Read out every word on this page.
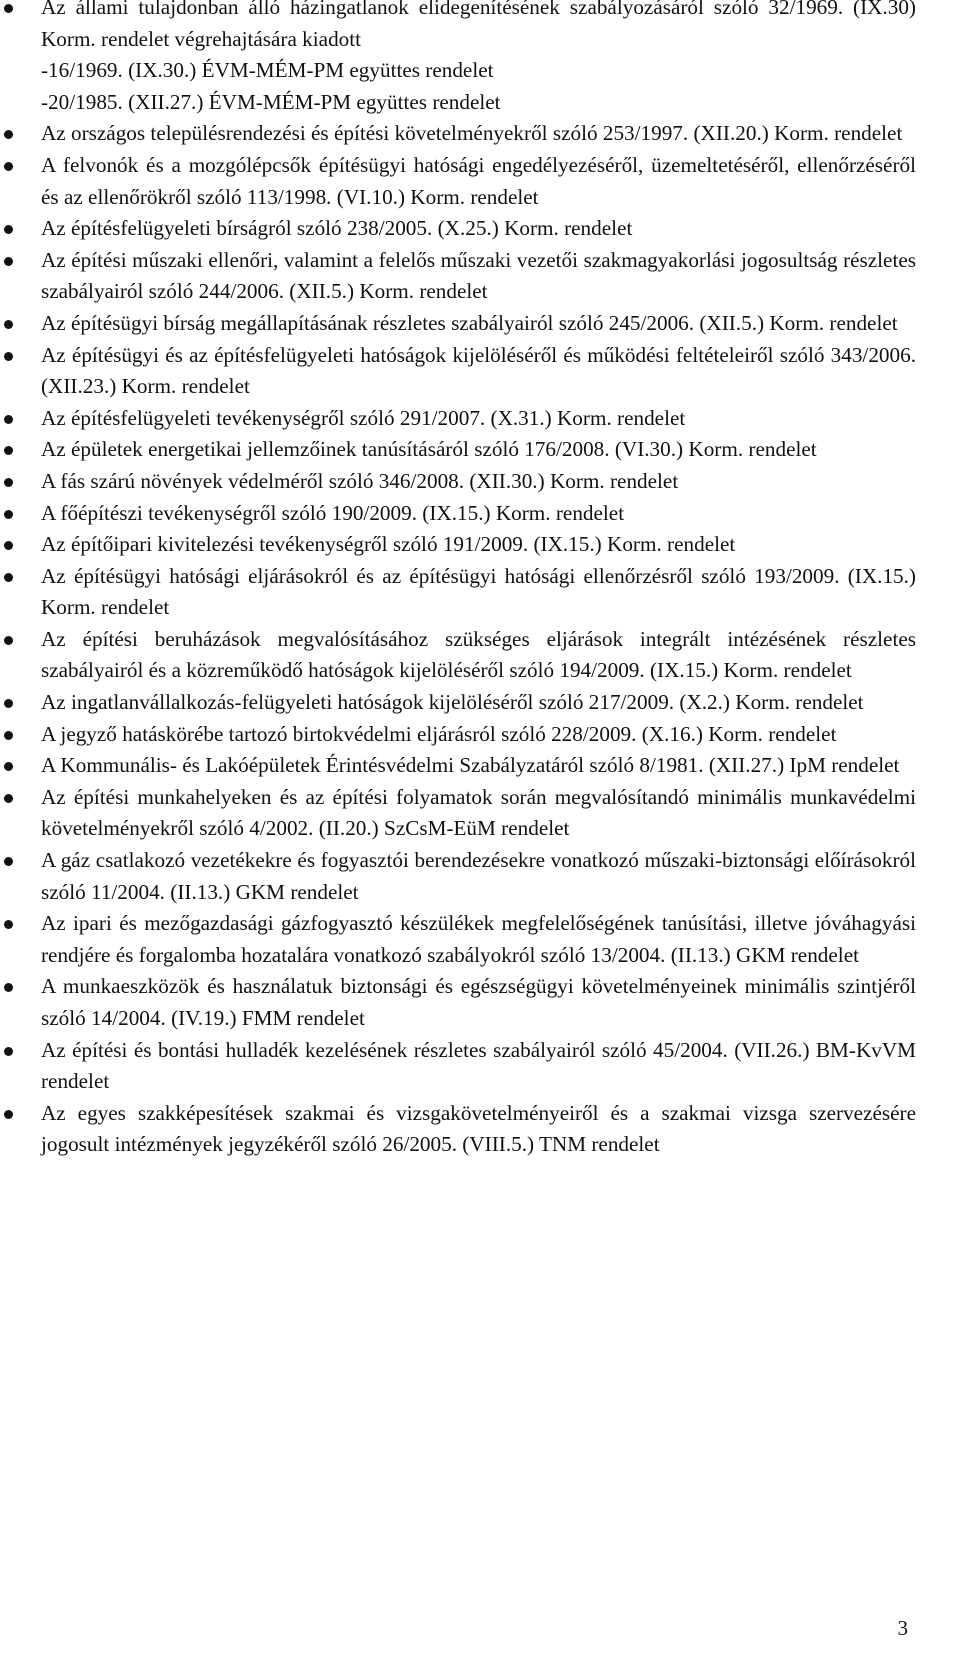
Az állami tulajdonban álló házingatlanok elidegenítésének szabályozásáról szóló 32/1969. (IX.30) Korm. rendelet végrehajtására kiadott

-16/1969. (IX.30.) ÉVM-MÉM-PM együttes rendelet

-20/1985. (XII.27.) ÉVM-MÉM-PM együttes rendelet

Az országos településrendezési és építési követelményekről szóló 253/1997. (XII.20.) Korm. rendelet

A felvonók és a mozgólépcsők építésügyi hatósági engedélyezéséről, üzemeltetéséről, ellenőrzéséről és az ellenőrökről szóló 113/1998. (VI.10.) Korm. rendelet

Az építésfelügyeleti bírságról szóló 238/2005. (X.25.) Korm. rendelet

Az építési műszaki ellenőri, valamint a felelős műszaki vezetői szakmagyakorlási jogosultság részletes szabályairól szóló 244/2006. (XII.5.) Korm. rendelet

Az építésügyi bírság megállapításának részletes szabályairól szóló 245/2006. (XII.5.) Korm. rendelet

Az építésügyi és az építésfelügyeleti hatóságok kijelöléséről és működési feltételeiről szóló 343/2006. (XII.23.) Korm. rendelet

Az építésfelügyeleti tevékenységről szóló 291/2007. (X.31.) Korm. rendelet

Az épületek energetikai jellemzőinek tanúsításáról szóló 176/2008. (VI.30.) Korm. rendelet

A fás szárú növények védelméről szóló 346/2008. (XII.30.) Korm. rendelet

A főépítészi tevékenységről szóló 190/2009. (IX.15.) Korm. rendelet

Az építőipari kivitelezési tevékenységről szóló 191/2009. (IX.15.) Korm. rendelet

Az építésügyi hatósági eljárásokról és az építésügyi hatósági ellenőrzésről szóló 193/2009. (IX.15.) Korm. rendelet

Az építési beruházások megvalósításához szükséges eljárások integrált intézésének részletes szabályairól és a közreműködő hatóságok kijelöléséről szóló 194/2009. (IX.15.) Korm. rendelet

Az ingatlanvállalkozás-felügyeleti hatóságok kijelöléséről szóló 217/2009. (X.2.) Korm. rendelet

A jegyző hatáskörébe tartozó birtokvédelmi eljárásról szóló 228/2009. (X.16.) Korm. rendelet

A Kommunális- és Lakóépületek Érintésvédelmi Szabályzatáról szóló 8/1981. (XII.27.) IpM rendelet

Az építési munkahelyeken és az építési folyamatok során megvalósítandó minimális munkavédelmi követelményekről szóló 4/2002. (II.20.) SzCsM-EüM rendelet

A gáz csatlakozó vezetékekre és fogyasztói berendezésekre vonatkozó műszaki-biztonsági előírásokról szóló 11/2004. (II.13.) GKM rendelet

Az ipari és mezőgazdasági gázfogyasztó készülékek megfelelőségének tanúsítási, illetve jóváhagyási rendjére és forgalomba hozatalára vonatkozó szabályokról szóló 13/2004. (II.13.) GKM rendelet

A munkaeszközök és használatuk biztonsági és egészségügyi követelményeinek minimális szintjéről szóló 14/2004. (IV.19.) FMM rendelet

Az építési és bontási hulladék kezelésének részletes szabályairól szóló 45/2004. (VII.26.) BM-KvVM rendelet

Az egyes szakképesítések szakmai és vizsgakövetelményeiről és a szakmai vizsga szervezésére jogosult intézmények jegyzékéről szóló 26/2005. (VIII.5.) TNM rendelet

3
